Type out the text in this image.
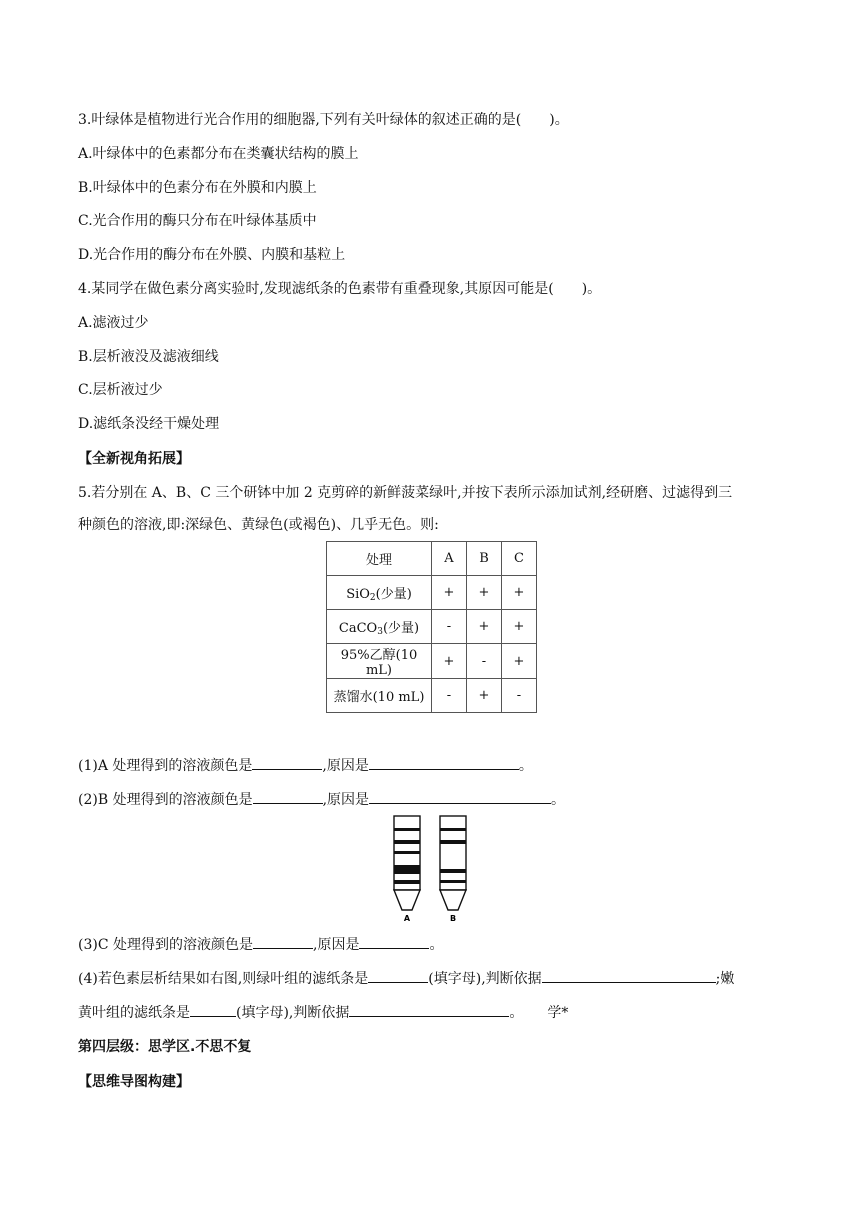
3.叶绿体是植物进行光合作用的细胞器,下列有关叶绿体的叙述正确的是(　　)。
A.叶绿体中的色素都分布在类囊状结构的膜上
B.叶绿体中的色素分布在外膜和内膜上
C.光合作用的酶只分布在叶绿体基质中
D.光合作用的酶分布在外膜、内膜和基粒上
4.某同学在做色素分离实验时,发现滤纸条的色素带有重叠现象,其原因可能是(　　)。
A.滤液过少
B.层析液没及滤液细线
C.层析液过少
D.滤纸条没经干燥处理
【全新视角拓展】
5.若分别在 A、B、C 三个研钵中加 2 克剪碎的新鲜菠菜绿叶,并按下表所示添加试剂,经研磨、过滤得到三
种颜色的溶液,即:深绿色、黄绿色(或褐色)、几乎无色。则:
处理	A	B	C
SiO$_2$(少量)	+	+	+
CaCO$_3$(少量)	-	+	+
95%乙醇(10 mL)	+	-	+
蒸馏水(10 mL)	-	+	-
(1)A 处理得到的溶液颜色是	,原因是	。
(2)B 处理得到的溶液颜色是	,原因是	。
A	B
(3)C 处理得到的溶液颜色是	,原因是	。
(4)若色素层析结果如右图,则绿叶组的滤纸条是	(填字母),判断依据	;嫩
黄叶组的滤纸条是	(填字母),判断依据	。 学*
第四层级：思学区.不思不复
【思维导图构建】
